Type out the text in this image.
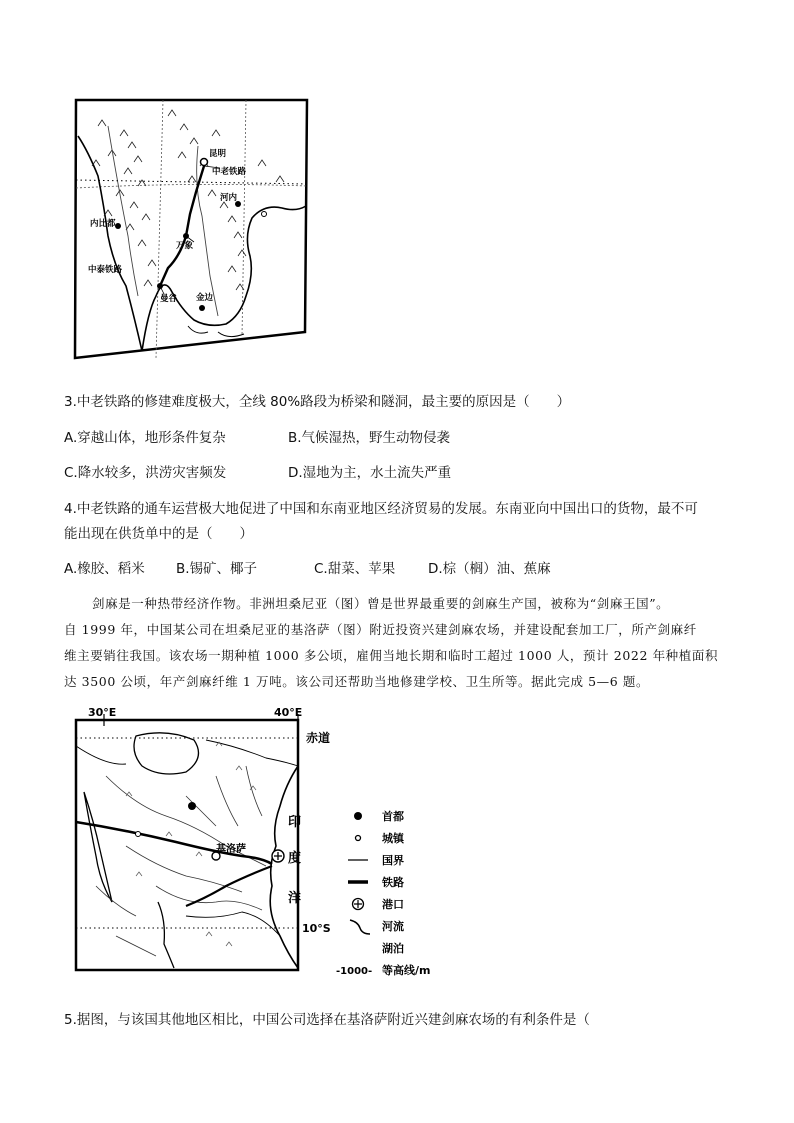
昆明
中老铁路
河内
内比都
万象
中泰铁路
曼谷 金边
3.中老铁路的修建难度极大，全线 80%路段为桥梁和隧洞，最主要的原因是（　　）
A.穿越山体，地形条件复杂	B.气候湿热，野生动物侵袭
C.降水较多，洪涝灾害频发	D.湿地为主，水土流失严重
4.中老铁路的通车运营极大地促进了中国和东南亚地区经济贸易的发展。东南亚向中国出口的货物，最不可
能出现在供货单中的是（　　）
A.橡胶、稻米 B.锡矿、椰子	C.甜菜、苹果 D.棕（榈）油、蕉麻
剑麻是一种热带经济作物。非洲坦桑尼亚（图）曾是世界最重要的剑麻生产国，被称为“剑麻王国”。
自 1999 年，中国某公司在坦桑尼亚的基洛萨（图）附近投资兴建剑麻农场，并建设配套加工厂，所产剑麻纤
维主要销往我国。该农场一期种植 1000 多公顷，雇佣当地长期和临时工超过 1000 人，预计 2022 年种植面积
达 3500 公顷，年产剑麻纤维 1 万吨。该公司还帮助当地修建学校、卫生所等。据此完成 5—6 题。
基洛萨
30°E	40°E
赤道
10°S
印
度
洋
首都
城镇
国界
铁路
港口
河流
湖泊
-1000- 等高线/m
5.据图，与该国其他地区相比，中国公司选择在基洛萨附近兴建剑麻农场的有利条件是（
